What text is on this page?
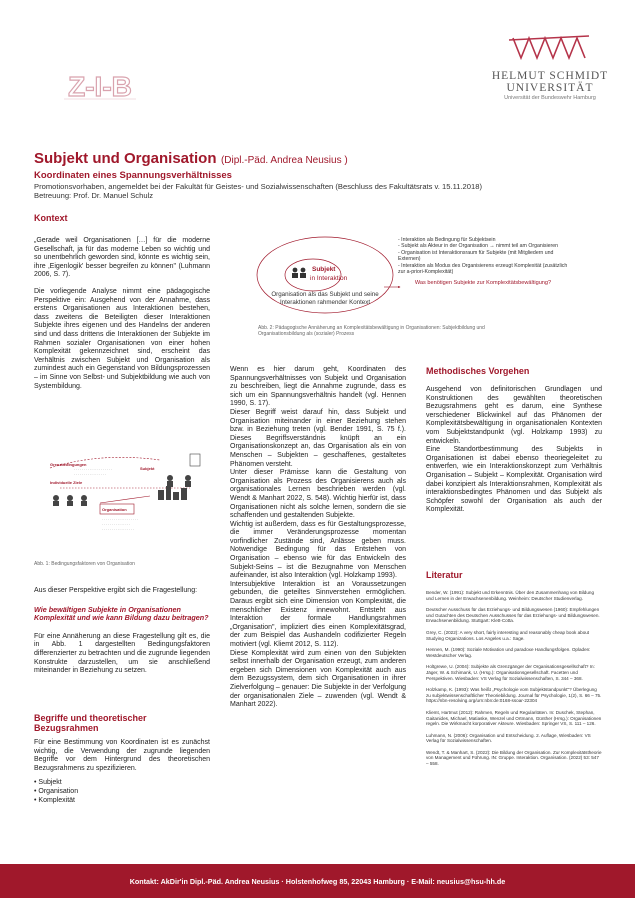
Z-I-B	HELMUT SCHMIDT
UNIVERSITÄT
Universität der Bundeswehr Hamburg
Subjekt und Organisation (Dipl.-Päd. Andrea Neusius )
Koordinaten eines Spannungsverhältnisses
Promotionsvorhaben, angemeldet bei der Fakultät für Geistes- und Sozialwissenschaften (Beschluss des Fakultätsrats v. 15.11.2018)
Betreuung: Prof. Dr. Manuel Schulz
Kontext

„Gerade weil Organisationen […] für die moderne Gesellschaft, ja für das moderne Leben so wichtig und so unentbehrlich geworden sind, könnte es wichtig sein, ihre ‚Eigenlogik' besser begreifen zu können" (Luhmann 2006, S. 7).

Die vorliegende Analyse nimmt eine pädagogische Perspektive ein: Ausgehend von der Annahme, dass erstens Organisationen aus Interaktionen bestehen, dass zweitens die Beteiligten dieser Interaktionen Subjekte ihres eigenen und des Handelns der anderen sind und dass drittens die Interaktionen der Subjekte im Rahmen sozialer Organisationen von einer hohen Komplexität gekennzeichnet sind, erscheint das Verhältnis zwischen Subjekt und Organisation als zumindest auch ein Gegenstand von Bildungsprozessen – im Sinne von Selbst- und Subjektbildung wie auch von Systembildung.

· · · · · · · · · · · · · · · · · · · ·
· · · · · · · · · · · · · · · · ·
· · · · · · · · · · · · · · · · · · ·
· · · · · · · · · · · · · · ·
· · · · · · · · · · · · · · · · ·
Grenzbedingungen
Subjekt
Organisation
Individuelle Ziele
Abb. 1: Bedingungsfaktoren von Organisation

Aus dieser Perspektive ergibt sich die Fragestellung:

Wie bewältigen Subjekte in Organisationen Komplexität und wie kann Bildung dazu beitragen?

Für eine Annäherung an diese Fragestellung gilt es, die in Abb. 1 dargestellten Bedingungsfaktoren differenzierter zu betrachten und die zugrunde liegenden Konstrukte darzustellen, um sie anschließend miteinander in Beziehung zu setzen.

Begriffe und theoretischer Bezugsrahmen

Für eine Bestimmung von Koordinaten ist es zunächst wichtig, die Verwendung der zugrunde liegenden Begriffe vor dem Hintergrund des theoretischen Bezugsrahmens zu spezifizieren.

• Subjekt
• Organisation
• Komplexität
Subjekt
in Interaktion
Organisation als das Subjekt und seine Interaktionen rahmender Kontext
- Interaktion als Bedingung für Subjektsein
- Subjekt als Akteur in der Organisation → nimmt teil am Organisieren
- Organisation ist Interaktionsraum für Subjekte (mit Mitgliedern und Externen)
- Interaktion als Modus des Organisierens erzeugt Komplexität (zusätzlich zur a-priori-Komplexität)
Was benötigen Subjekte zur Komplexitätsbewältigung?
Abb. 2: Pädagogische Annäherung an Komplexitätsbewältigung in Organisationen: Subjektbildung und Organisationsbildung als (sozialer) Prozess

Wenn es hier darum geht, Koordinaten des Spannungsverhältnisses von Subjekt und Organisation zu beschreiben, liegt die Annahme zugrunde, dass es sich um ein Spannungsverhältnis handelt (vgl. Hennen 1990, S. 17).

Dieser Begriff weist darauf hin, dass Subjekt und Organisation miteinander in einer Beziehung stehen bzw. in Beziehung treten (vgl. Bender 1991, S. 75 f.). Dieses Begriffsverständnis knüpft an ein Organisationskonzept an, das Organisation als ein von Menschen – Subjekten – geschaffenes, gestaltetes Phänomen versteht.

Unter dieser Prämisse kann die Gestaltung von Organisation als Prozess des Organisierens auch als organisationales Lernen beschrieben werden (vgl. Wendt & Manhart 2022, S. 548). Wichtig hierfür ist, dass Organisationen nicht als solche lernen, sondern die sie schaffenden und gestaltenden Subjekte.

Wichtig ist außerdem, dass es für Gestaltungsprozesse, die immer Veränderungsprozesse momentan vorfindlicher Zustände sind, Anlässe geben muss. Notwendige Bedingung für das Entstehen von Organisation – ebenso wie für das Entwickeln des Subjekt-Seins – ist die Bezugnahme von Menschen aufeinander, ist also Interaktion (vgl. Holzkamp 1993).

Intersubjektive Interaktion ist an Voraussetzungen gebunden, die geteiltes Sinnverstehen ermöglichen. Daraus ergibt sich eine Dimension von Komplexität, die menschlicher Existenz innewohnt. Entsteht aus Interaktion der formale Handlungsrahmen „Organisation", impliziert dies einen Komplexitätsgrad, der zum Beispiel das Aushandeln codifizierter Regeln motiviert (vgl. Kliemt 2012, S. 112).

Diese Komplexität wird zum einen von den Subjekten selbst innerhalb der Organisation erzeugt, zum anderen ergeben sich Dimensionen von Komplexität auch aus dem Bezugssystem, dem sich Organisationen in ihrer Zielverfolgung – genauer: Die Subjekte in der Verfolgung der organisationalen Ziele – zuwenden (vgl. Wendt & Manhart 2022).

Methodisches Vorgehen

Ausgehend von definitorischen Grundlagen und Konstruktionen des gewählten theoretischen Bezugsrahmens geht es darum, eine Synthese verschiedener Blickwinkel auf das Phänomen der Komplexitätsbewältigung in organisationalen Kontexten vom Subjektstandpunkt (vgl. Holzkamp 1993) zu entwickeln.

Eine Standortbestimmung des Subjekts in Organisationen ist dabei ebenso theoriegeleitet zu entwerfen, wie ein Interaktionskonzept zum Verhältnis Organisation – Subjekt – Komplexität. Organisation wird dabei konzipiert als Interaktionsrahmen, Komplexität als interaktionsbedingtes Phänomen und das Subjekt als Schöpfer sowohl der Organisation als auch der Komplexität.

Literatur

Bender, W. (1991): Subjekt und Erkenntnis. Über den Zusammenhang von Bildung und Lernen in der Erwachsenenbildung. Weinheim: Deutscher Studienverlag.

Deutscher Ausschuss für das Erziehungs- und Bildungswesen (1960): Empfehlungen und Gutachten des Deutschen Ausschusses für das Erziehungs- und Bildungswesen. Erwachsenenbildung. Stuttgart: Klett-Cotta.

Grey, C. (2022): A very short, fairly interesting and reasonably cheap book about Studying Organizations. Los Angeles u.a.: Sage.

Hennen, M. (1990): Soziale Motivation und paradoxe Handlungsfolgen. Opladen: Westdeutscher Verlag.

Holtgrewe, U. (2004): Subjekte als Grenzgänger der Organisationsgesellschaft? In: Jäger, W. & Schimank, U. (Hrsg.): Organisationsgesellschaft. Facetten und Perspektiven. Wiesbaden: VS Verlag für Sozialwissenschaften, S. 344 – 368.

Holzkamp, K. (1993): Was heißt „Psychologie vom Subjektstandpunkt"? Überlegung zu subjektwissenschaftlicher Theoriebildung. Journal für Psychologie, 1(2), S. 66 – 75. https://nbn-resolving.org/urn:nbn:de:0168-ssoar-22304

Kliemt, Hartmut (2012): Rahmen, Regeln und Regularitäten. In: Duschek, Stephan, Gaitanides, Michael, Matiaske, Wenzel und Ortmann, Günther (Hrsg.): Organisationen regeln. Die Wirkmacht korporativer Akteure. Wiesbaden: Springer VS, S. 111 – 126.

Luhmann, N. (2006): Organisation und Entscheidung. 2. Auflage, Wiesbaden: VS Verlag für Sozialwissenschaften.

Wendt, T. & Manhart, S. (2022): Die Bildung der Organisation. Zur Komplexitätstheorie von Management und Führung. IN: Gruppe. Interaktion. Organisation. (2022) 53: 547 – 558.

Kontakt: AkDir'in Dipl.-Päd. Andrea Neusius · Holstenhofweg 85, 22043 Hamburg · E-Mail: neusius@hsu-hh.de
